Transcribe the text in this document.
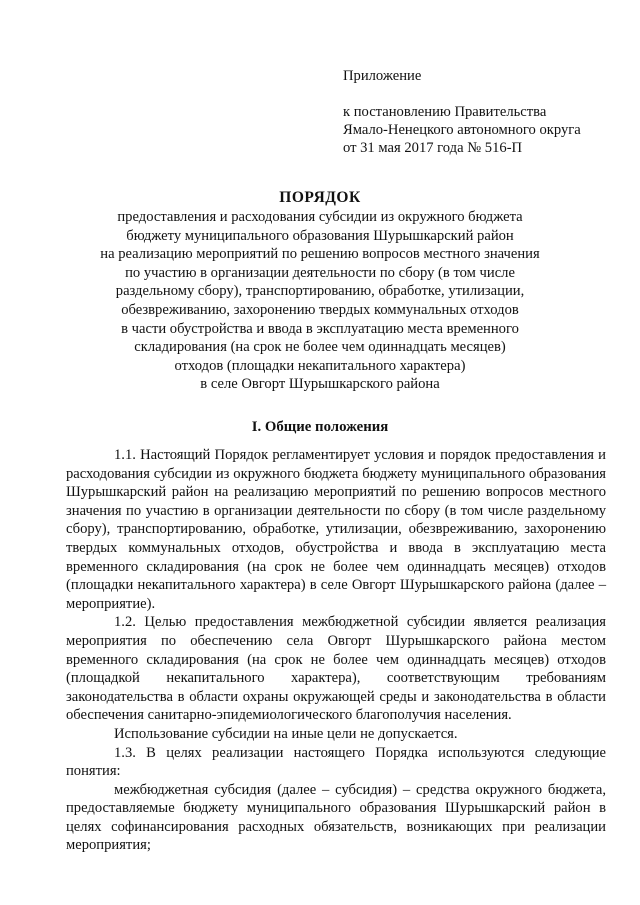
Приложение
к постановлению Правительства
Ямало-Ненецкого автономного округа
от 31 мая 2017 года № 516-П
ПОРЯДОК
предоставления и расходования субсидии из окружного бюджета
бюджету муниципального образования Шурышкарский район
на реализацию мероприятий по решению вопросов местного значения
по участию в организации деятельности по сбору (в том числе
раздельному сбору), транспортированию, обработке, утилизации,
обезвреживанию, захоронению твердых коммунальных отходов
в части обустройства и ввода в эксплуатацию места временного
складирования (на срок не более чем одиннадцать месяцев)
отходов (площадки некапитального характера)
в селе Овгорт Шурышкарского района
I. Общие положения

1.1. Настоящий Порядок регламентирует условия и порядок предоставления и расходования субсидии из окружного бюджета бюджету муниципального образования Шурышкарский район на реализацию мероприятий по решению вопросов местного значения по участию в организации деятельности по сбору (в том числе раздельному сбору), транспортированию, обработке, утилизации, обезвреживанию, захоронению твердых коммунальных отходов, обустройства и ввода в эксплуатацию места временного складирования (на срок не более чем одиннадцать месяцев) отходов (площадки некапитального характера) в селе Овгорт Шурышкарского района (далее – мероприятие).

1.2. Целью предоставления межбюджетной субсидии является реализация мероприятия по обеспечению села Овгорт Шурышкарского района местом временного складирования (на срок не более чем одиннадцать месяцев) отходов (площадкой некапитального характера), соответствующим требованиям законодательства в области охраны окружающей среды и законодательства в области обеспечения санитарно-эпидемиологического благополучия населения.

Использование субсидии на иные цели не допускается.

1.3. В целях реализации настоящего Порядка используются следующие понятия:

межбюджетная субсидия (далее – субсидия) – средства окружного бюджета, предоставляемые бюджету муниципального образования Шурышкарский район в целях софинансирования расходных обязательств, возникающих при реализации мероприятия;
